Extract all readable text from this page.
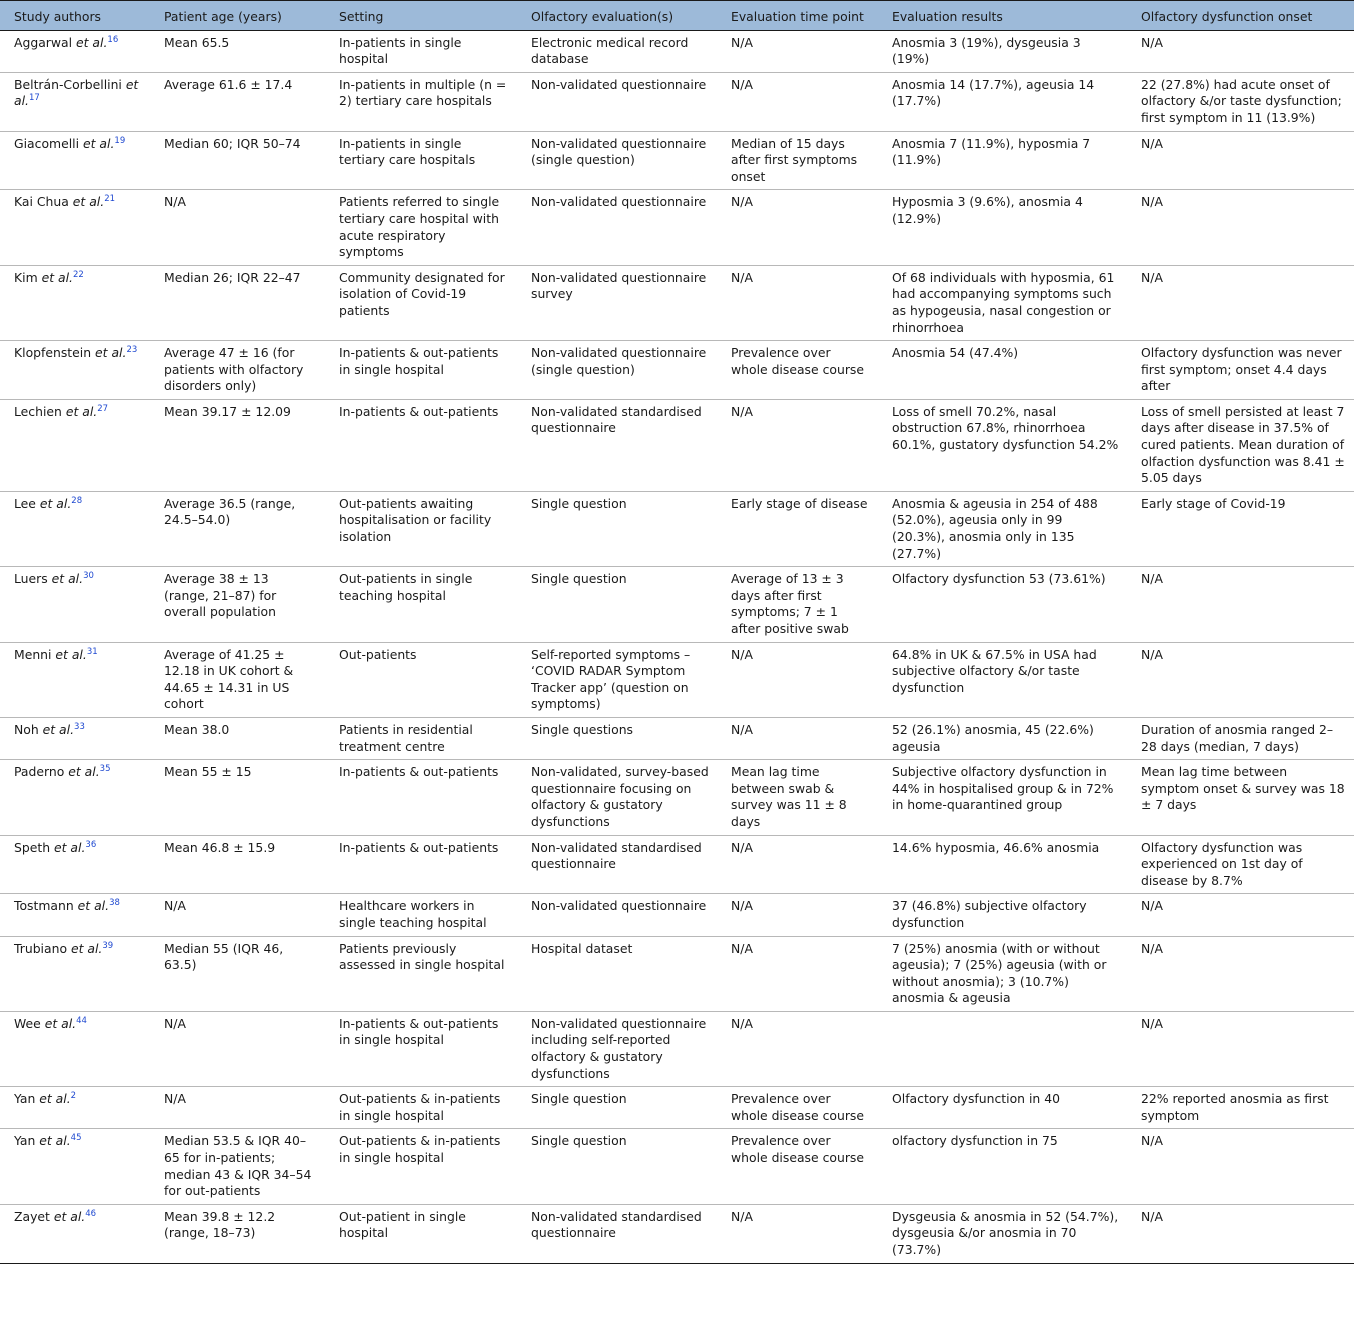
Study authors	Patient age (years)	Setting	Olfactory evaluation(s)	Evaluation time point	Evaluation results	Olfactory dysfunction onset
Aggarwal et al.$^{16}$	Mean 65.5	In-patients in single hospital	Electronic medical record database	N/A	Anosmia 3 (19%), dysgeusia 3 (19%)	N/A
Beltrán-Corbellini et al.$^{17}$	Average 61.6 ± 17.4	In-patients in multiple (n = 2) tertiary care hospitals	Non-validated questionnaire	N/A	Anosmia 14 (17.7%), ageusia 14 (17.7%)	22 (27.8%) had acute onset of olfactory &/or taste dysfunction; first symptom in 11 (13.9%)
Giacomelli et al.$^{19}$	Median 60; IQR 50–74	In-patients in single tertiary care hospitals	Non-validated questionnaire (single question)	Median of 15 days after first symptoms onset	Anosmia 7 (11.9%), hyposmia 7 (11.9%)	N/A
Kai Chua et al.$^{21}$	N/A	Patients referred to single tertiary care hospital with acute respiratory symptoms	Non-validated questionnaire	N/A	Hyposmia 3 (9.6%), anosmia 4 (12.9%)	N/A
Kim et al.$^{22}$	Median 26; IQR 22–47	Community designated for isolation of Covid-19 patients	Non-validated questionnaire survey	N/A	Of 68 individuals with hyposmia, 61 had accompanying symptoms such as hypogeusia, nasal congestion or rhinorrhoea	N/A
Klopfenstein et al.$^{23}$	Average 47 ± 16 (for patients with olfactory disorders only)	In-patients & out-patients in single hospital	Non-validated questionnaire (single question)	Prevalence over whole disease course	Anosmia 54 (47.4%)	Olfactory dysfunction was never first symptom; onset 4.4 days after
Lechien et al.$^{27}$	Mean 39.17 ± 12.09	In-patients & out-patients	Non-validated standardised questionnaire	N/A	Loss of smell 70.2%, nasal obstruction 67.8%, rhinorrhoea 60.1%, gustatory dysfunction 54.2%	Loss of smell persisted at least 7 days after disease in 37.5% of cured patients. Mean duration of olfaction dysfunction was 8.41 ± 5.05 days
Lee et al.$^{28}$	Average 36.5 (range, 24.5–54.0)	Out-patients awaiting hospitalisation or facility isolation	Single question	Early stage of disease	Anosmia & ageusia in 254 of 488 (52.0%), ageusia only in 99 (20.3%), anosmia only in 135 (27.7%)	Early stage of Covid-19
Luers et al.$^{30}$	Average 38 ± 13 (range, 21–87) for overall population	Out-patients in single teaching hospital	Single question	Average of 13 ± 3 days after first symptoms; 7 ± 1 after positive swab	Olfactory dysfunction 53 (73.61%)	N/A
Menni et al.$^{31}$	Average of 41.25 ± 12.18 in UK cohort & 44.65 ± 14.31 in US cohort	Out-patients	Self-reported symptoms – ‘COVID RADAR Symptom Tracker app’ (question on symptoms)	N/A	64.8% in UK & 67.5% in USA had subjective olfactory &/or taste dysfunction	N/A
Noh et al.$^{33}$	Mean 38.0	Patients in residential treatment centre	Single questions	N/A	52 (26.1%) anosmia, 45 (22.6%) ageusia	Duration of anosmia ranged 2–28 days (median, 7 days)
Paderno et al.$^{35}$	Mean 55 ± 15	In-patients & out-patients	Non-validated, survey-based questionnaire focusing on olfactory & gustatory dysfunctions	Mean lag time between swab & survey was 11 ± 8 days	Subjective olfactory dysfunction in 44% in hospitalised group & in 72% in home-quarantined group	Mean lag time between symptom onset & survey was 18 ± 7 days
Speth et al.$^{36}$	Mean 46.8 ± 15.9	In-patients & out-patients	Non-validated standardised questionnaire	N/A	14.6% hyposmia, 46.6% anosmia	Olfactory dysfunction was experienced on 1st day of disease by 8.7%
Tostmann et al.$^{38}$	N/A	Healthcare workers in single teaching hospital	Non-validated questionnaire	N/A	37 (46.8%) subjective olfactory dysfunction	N/A
Trubiano et al.$^{39}$	Median 55 (IQR 46, 63.5)	Patients previously assessed in single hospital	Hospital dataset	N/A	7 (25%) anosmia (with or without ageusia); 7 (25%) ageusia (with or without anosmia); 3 (10.7%) anosmia & ageusia	N/A
Wee et al.$^{44}$	N/A	In-patients & out-patients in single hospital	Non-validated questionnaire including self-reported olfactory & gustatory dysfunctions	N/A		N/A
Yan et al.$^2$	N/A	Out-patients & in-patients in single hospital	Single question	Prevalence over whole disease course	Olfactory dysfunction in 40	22% reported anosmia as first symptom
Yan et al.$^{45}$	Median 53.5 & IQR 40–65 for in-patients; median 43 & IQR 34–54 for out-patients	Out-patients & in-patients in single hospital	Single question	Prevalence over whole disease course	olfactory dysfunction in 75	N/A
Zayet et al.$^{46}$	Mean 39.8 ± 12.2 (range, 18–73)	Out-patient in single hospital	Non-validated standardised questionnaire	N/A	Dysgeusia & anosmia in 52 (54.7%), dysgeusia &/or anosmia in 70 (73.7%)	N/A
